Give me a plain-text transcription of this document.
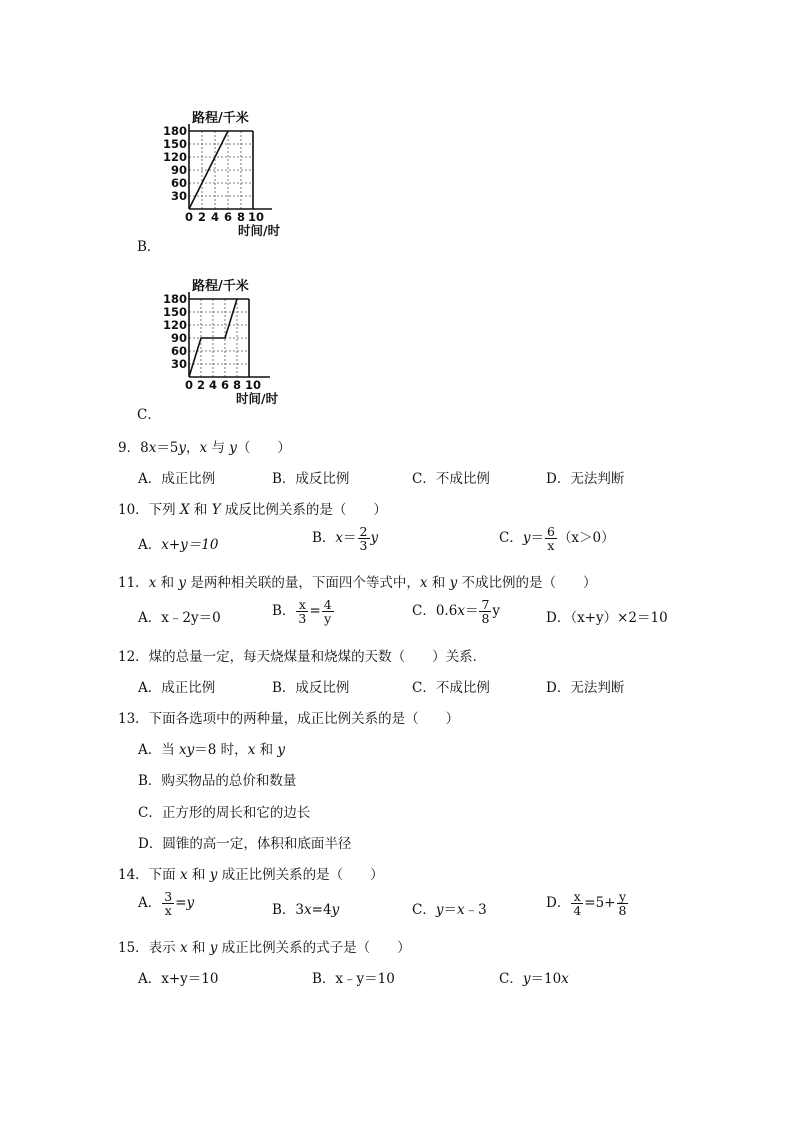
路程/千米
180
150
120
90
60
30
0 2 4 6 8 10
时间/时
B．
路程/千米
180
150
120
90
60
30
0 2 4 6 8 10
时间/时
C．
9．8x＝5y，x 与 y（　　）
A．成正比例	B．成反比例	C．不成比例	D．无法判断
10．下列 X 和 Y 成反比例关系的是（　　）
A．x+y＝10	B．$x= \frac{2}{3}$ y	C．$y= \frac{6}{x} (x>0)$
11．x 和 y 是两种相关联的量，下面四个等式中，x 和 y 不成比例的是（　　）
A．x﹣2y＝0	B． $\frac{x}{3} = \frac{4}{y}$	C．$0.6x= \frac{7}{8}$ y	D．（x+y）×2＝10
12．煤的总量一定，每天烧煤量和烧煤的天数（　　）关系．
A．成正比例	B．成反比例	C．不成比例	D．无法判断
13．下面各选项中的两种量，成正比例关系的是（　　）
A．当 xy＝8 时，x 和 y
B．购买物品的总价和数量
C．正方形的周长和它的边长
D．圆锥的高一定，体积和底面半径
14．下面 x 和 y 成正比例关系的是（　　）
A． $\frac{3}{x} =y$	B．3x=4y	C．y＝x﹣3	D． $\frac{x}{4} =5+ \frac{y}{8}$
15．表示 x 和 y 成正比例关系的式子是（　　）
A．x+y＝10	B．x﹣y＝10	C．y＝10x
